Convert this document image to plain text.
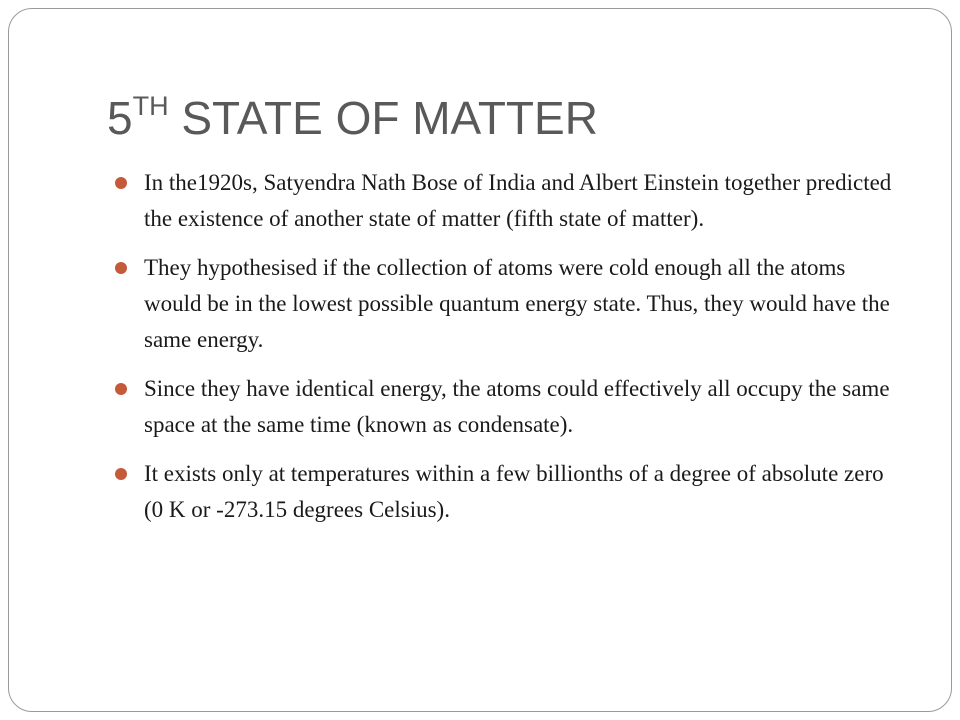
5TH STATE OF MATTER
In the1920s, Satyendra Nath Bose of India and Albert Einstein together predicted the existence of another state of matter (fifth state of matter).
They hypothesised if the collection of atoms were cold enough all the atoms would be in the lowest possible quantum energy state. Thus, they would have the same energy.
Since they have identical energy, the atoms could effectively all occupy the same space at the same time (known as condensate).
It exists only at temperatures within a few billionths of a degree of absolute zero (0 K or -273.15 degrees Celsius).
